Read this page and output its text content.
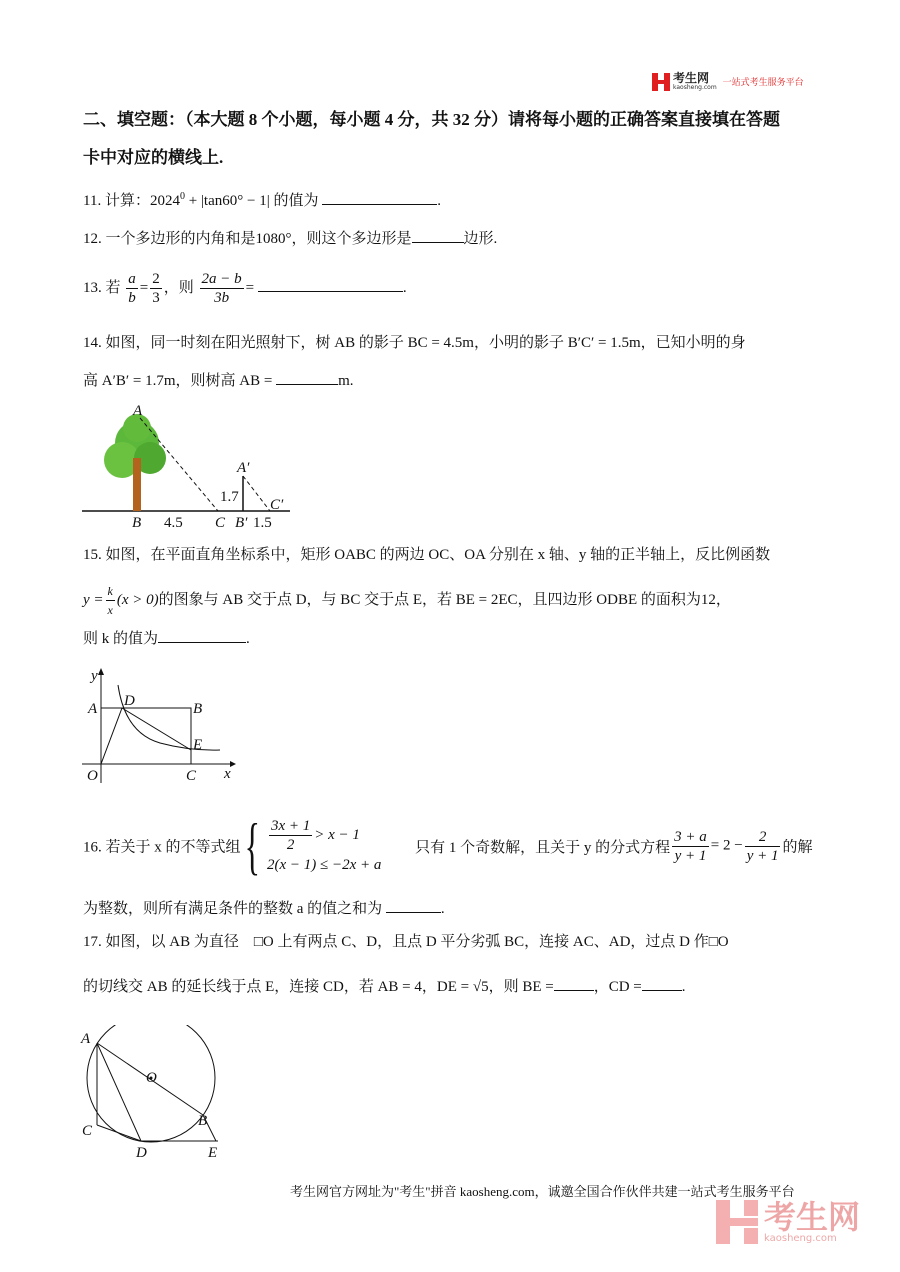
考生网
kaosheng.com 一站式考生服务平台
二、填空题：（本大题 8 个小题，每小题 4 分，共 32 分）请将每小题的正确答案直接填在答题
卡中对应的横线上.
11. 计算：$2024^0 + |\tan 60^\circ - 1|$ 的值为	.
12. 一个多边形的内角和是1080°，则这个多边形是	边形.
13. 若 $\frac{a}{b} = \frac{2}{3}$ ，则 $\frac{2a - b}{3b}$ =	.
14. 如图，同一时刻在阳光照射下，树 AB 的影子 BC = 4.5m，小明的影子 B′C′ = 1.5m，已知小明的身
高 A′B′ = 1.7m，则树高 AB =	m.
A
B	C
A′
B′
C′
4.5
1.7
1.5
15. 如图，在平面直角坐标系中，矩形 OABC 的两边 OC、OA 分别在 x 轴、y 轴的正半轴上，反比例函数
$y = \frac{k}{x} (x > 0)$的图象与 AB 交于点 D，与 BC 交于点 E，若 BE = 2EC，且四边形 ODBE 的面积为12，
则 k 的值为	.
y
x
O
A	B
C
D
E
16. 若关于 x 的不等式组{ $\frac{3x + 1}{2} > x - 1$
2(x − 1) ≤ −2x + a
只有 1 个奇数解，且关于 y 的分式方程 $\frac{3 + a}{y + 1} = 2 - \frac{2}{y + 1}$ 的解
为整数，则所有满足条件的整数 a 的值之和为	.
17. 如图，以 AB 为直径　□O 上有两点 C、D，且点 D 平分劣弧 BC，连接 AC、AD，过点 D 作□O
的切线交 AB 的延长线于点 E，连接 CD，若 AB = 4，DE = √5，则 BE =	，CD =	.
A
O
B
C
D	E
考生网官方网址为"考生"拼音 kaosheng.com，诚邀全国合作伙伴共建一站式考生服务平台
考生网
kaosheng.com
